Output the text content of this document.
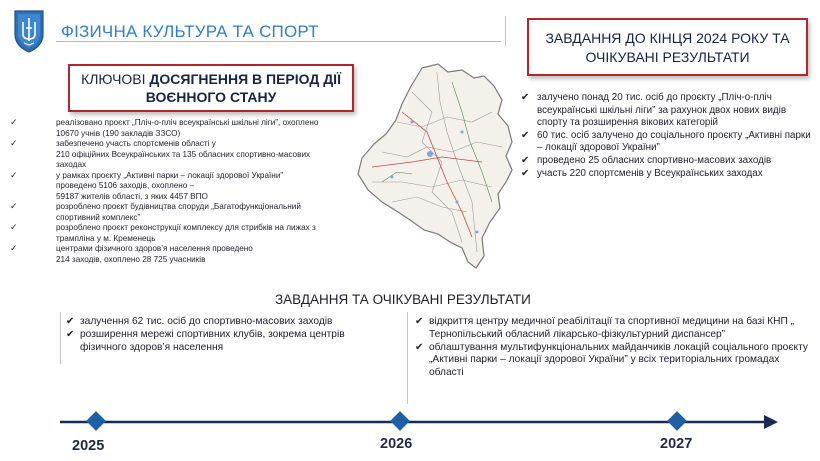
ФІЗИЧНА КУЛЬТУРА ТА СПОРТ
КЛЮЧОВІ ДОСЯГНЕННЯ В ПЕРІОД ДІЇ
ВОЄННОГО СТАНУ
ЗАВДАННЯ ДО КІНЦЯ 2024 РОКУ ТА
ОЧІКУВАНІ РЕЗУЛЬТАТИ
✓	реалізовано проєкт „Пліч-о-пліч всеукраїнські шкільні ліги”, охоплено
10670 учнів (190 закладів ЗЗСО)
✓	забезпечено участь спортсменів області у
210 офіційних Всеукраїнських та 135 обласних спортивно-масових
заходах
✓	у рамках проєкту „Активні парки – локації здорової України”
проведено 5106 заходів, охоплено –
59187 жителів області, з яких 4457 ВПО
✓	розроблено проєкт будівництва споруди „Багатофункціональний
спортивний комплекс”
✓	розроблено проєкт реконструкції комплексу для стрибків на лижах з
трампліна у м. Кременець
✓	центрами фізичного здоров’я населення проведено
214 заходів, охоплено 28 725 учасників
✔ залучено понад 20 тис. осіб до проєкту „Пліч-о-пліч всеукраїнські шкільні ліги” за рахунок двох нових видів спорту та розширення вікових категорій
✔ 60 тис. осіб залучено до соціального проєкту „Активні парки – локації здорової України”
✔ проведено 25 обласних спортивно-масових заходів
✔ участь 220 спортсменів у Всеукраїнських заходах
ЗАВДАННЯ ТА ОЧІКУВАНІ РЕЗУЛЬТАТИ
✔ залучення 62 тис. осіб до спортивно-масових заходів
✔ розширення мережі спортивних клубів, зокрема центрів фізичного здоров’я населення
✔ відкриття центру медичної реабілітації та спортивної медицини на базі КНП „ Тернопільський обласний лікарсько-фізкультурний диспансер”
✔ облаштування мультифункціональних майданчиків локацій соціального проєкту „Активні парки – локації здорової України” у всіх територіальних громадах області
2025	2026	2027
